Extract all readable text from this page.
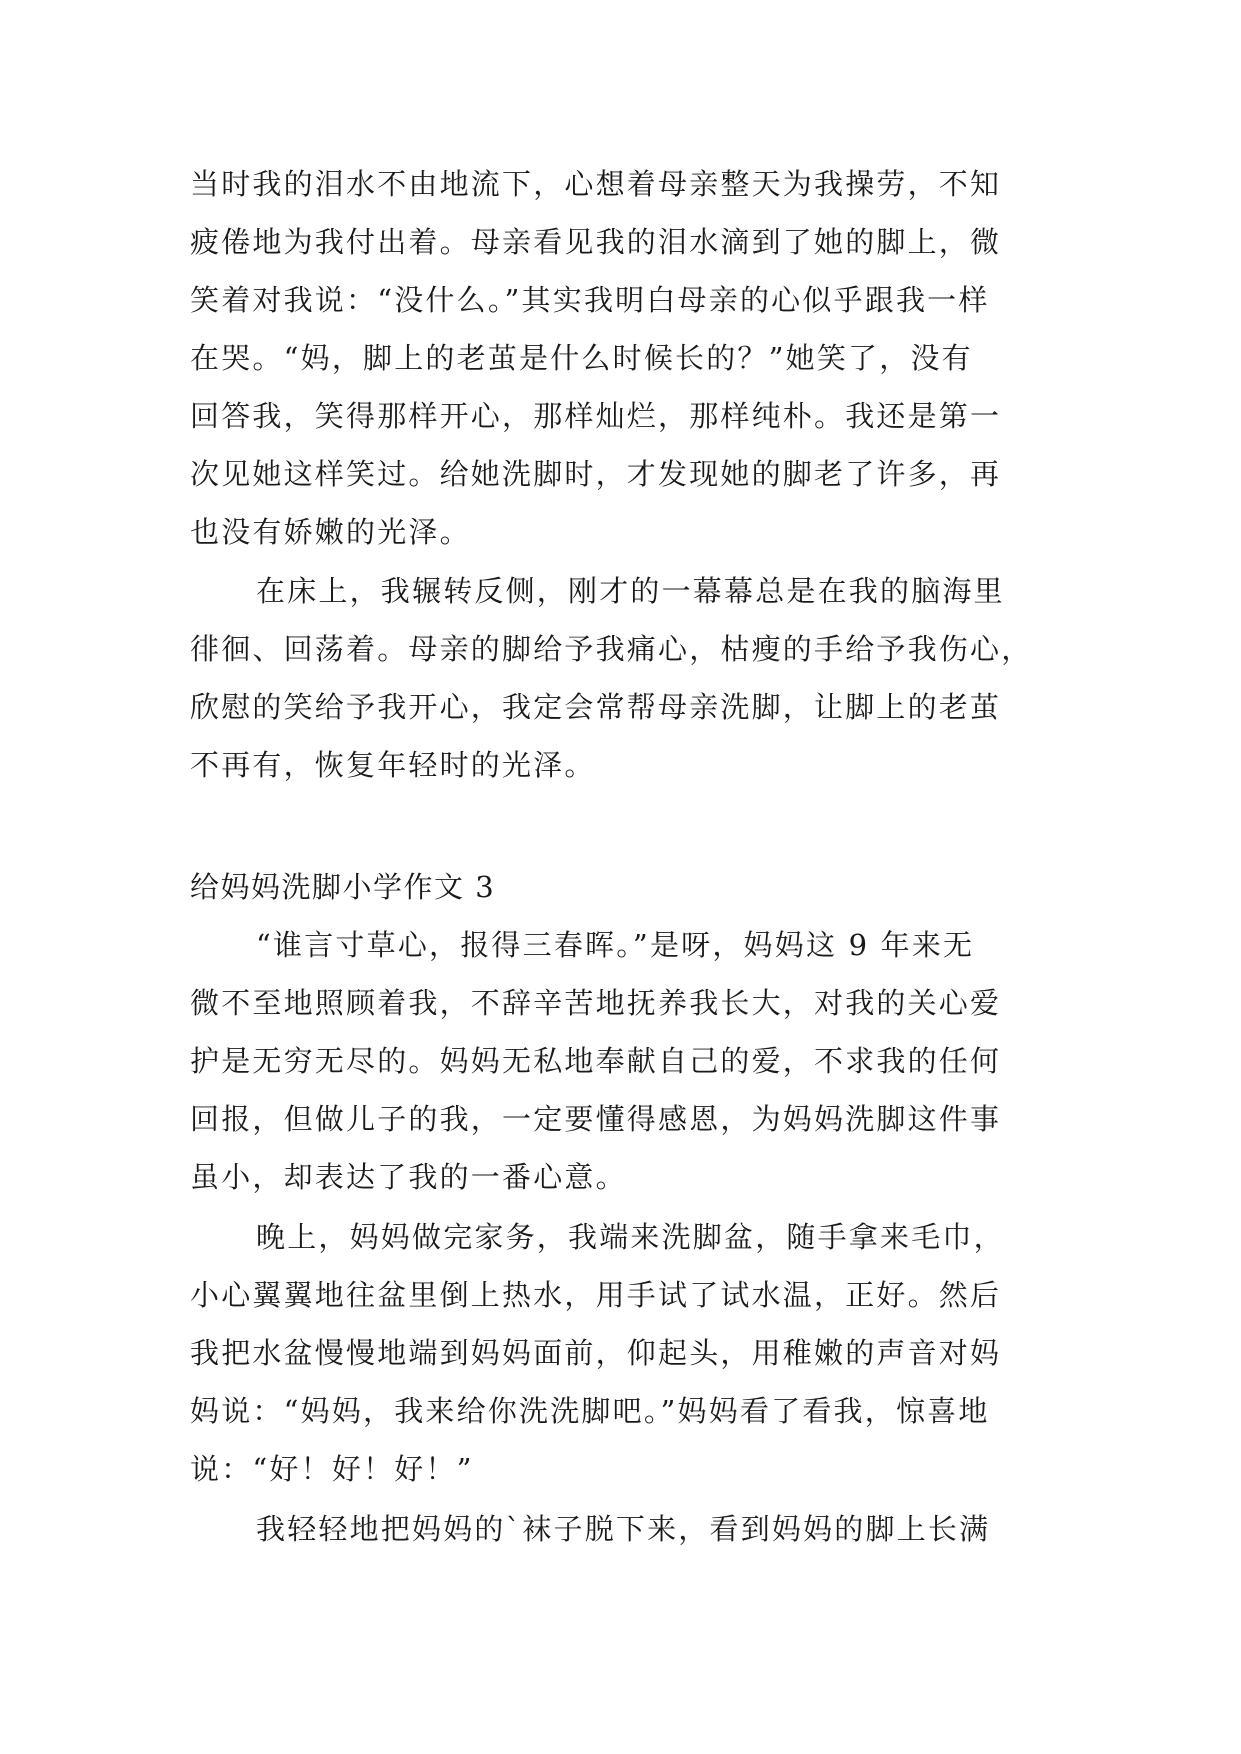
当时我的泪水不由地流下，心想着母亲整天为我操劳，不知
疲倦地为我付出着。母亲看见我的泪水滴到了她的脚上，微
笑着对我说：“没什么。”其实我明白母亲的心似乎跟我一样
在哭。“妈，脚上的老茧是什么时候长的？”她笑了，没有
回答我，笑得那样开心，那样灿烂，那样纯朴。我还是第一
次见她这样笑过。给她洗脚时，才发现她的脚老了许多，再
也没有娇嫩的光泽。
在床上，我辗转反侧，刚才的一幕幕总是在我的脑海里
徘徊、回荡着。母亲的脚给予我痛心，枯瘦的手给予我伤心，
欣慰的笑给予我开心，我定会常帮母亲洗脚，让脚上的老茧
不再有，恢复年轻时的光泽。
给妈妈洗脚小学作文 3
“谁言寸草心，报得三春晖。”是呀，妈妈这 9 年来无
微不至地照顾着我，不辞辛苦地抚养我长大，对我的关心爱
护是无穷无尽的。妈妈无私地奉献自己的爱，不求我的任何
回报，但做儿子的我，一定要懂得感恩，为妈妈洗脚这件事
虽小，却表达了我的一番心意。
晚上，妈妈做完家务，我端来洗脚盆，随手拿来毛巾，
小心翼翼地往盆里倒上热水，用手试了试水温，正好。然后
我把水盆慢慢地端到妈妈面前，仰起头，用稚嫩的声音对妈
妈说：“妈妈，我来给你洗洗脚吧。”妈妈看了看我，惊喜地
说：“好！好！好！”
我轻轻地把妈妈的`袜子脱下来，看到妈妈的脚上长满
